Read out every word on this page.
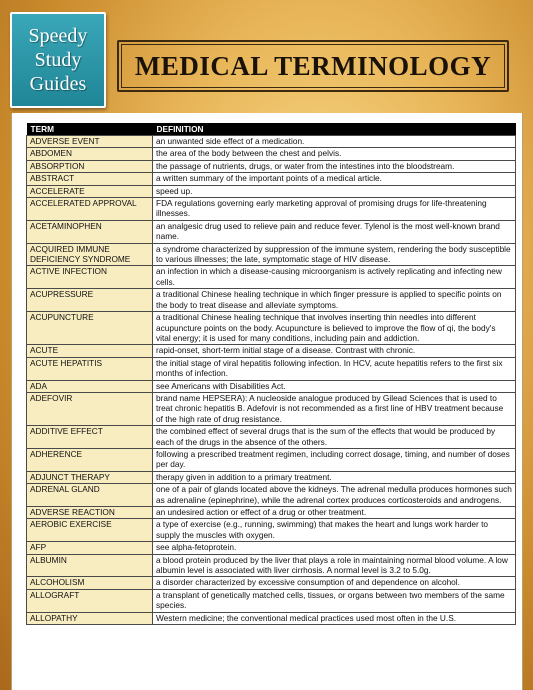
Speedy
Study
Guides
MEDICAL TERMINOLOGY
TERM	DEFINITION
ADVERSE EVENT	an unwanted side effect of a medication.
ABDOMEN	the area of the body between the chest and pelvis.
ABSORPTION	the passage of nutrients, drugs, or water from the intestines into the bloodstream.
ABSTRACT	a written summary of the important points of a medical article.
ACCELERATE	speed up.
ACCELERATED APPROVAL	FDA regulations governing early marketing approval of promising drugs for life-threatening illnesses.
ACETAMINOPHEN	an analgesic drug used to relieve pain and reduce fever. Tylenol is the most well-known brand name.
ACQUIRED IMMUNE DEFICIENCY SYNDROME	a syndrome characterized by suppression of the immune system, rendering the body susceptible to various illnesses; the late, symptomatic stage of HIV disease.
ACTIVE INFECTION	an infection in which a disease-causing microorganism is actively replicating and infecting new cells.
ACUPRESSURE	a traditional Chinese healing technique in which finger pressure is applied to specific points on the body to treat disease and alleviate symptoms.
ACUPUNCTURE	a traditional Chinese healing technique that involves inserting thin needles into different acupuncture points on the body. Acupuncture is believed to improve the flow of qi, the body's vital energy; it is used for many conditions, including pain and addiction.
ACUTE	rapid-onset, short-term initial stage of a disease. Contrast with chronic.
ACUTE HEPATITIS	the initial stage of viral hepatitis following infection. In HCV, acute hepatitis refers to the first six months of infection.
ADA	see Americans with Disabilities Act.
ADEFOVIR	brand name HEPSERA): A nucleoside analogue produced by Gilead Sciences that is used to treat chronic hepatitis B. Adefovir is not recommended as a first line of HBV treatment because of the high rate of drug resistance.
ADDITIVE EFFECT	the combined effect of several drugs that is the sum of the effects that would be produced by each of the drugs in the absence of the others.
ADHERENCE	following a prescribed treatment regimen, including correct dosage, timing, and number of doses per day.
ADJUNCT THERAPY	therapy given in addition to a primary treatment.
ADRENAL GLAND	one of a pair of glands located above the kidneys. The adrenal medulla produces hormones such as adrenaline (epinephrine), while the adrenal cortex produces corticosteroids and androgens.
ADVERSE REACTION	an undesired action or effect of a drug or other treatment.
AEROBIC EXERCISE	a type of exercise (e.g., running, swimming) that makes the heart and lungs work harder to supply the muscles with oxygen.
AFP	see alpha-fetoprotein.
ALBUMIN	a blood protein produced by the liver that plays a role in maintaining normal blood volume. A low albumin level is associated with liver cirrhosis. A normal level is 3.2 to 5.0g.
ALCOHOLISM	a disorder characterized by excessive consumption of and dependence on alcohol.
ALLOGRAFT	a transplant of genetically matched cells, tissues, or organs between two members of the same species.
ALLOPATHY	Western medicine; the conventional medical practices used most often in the U.S.
